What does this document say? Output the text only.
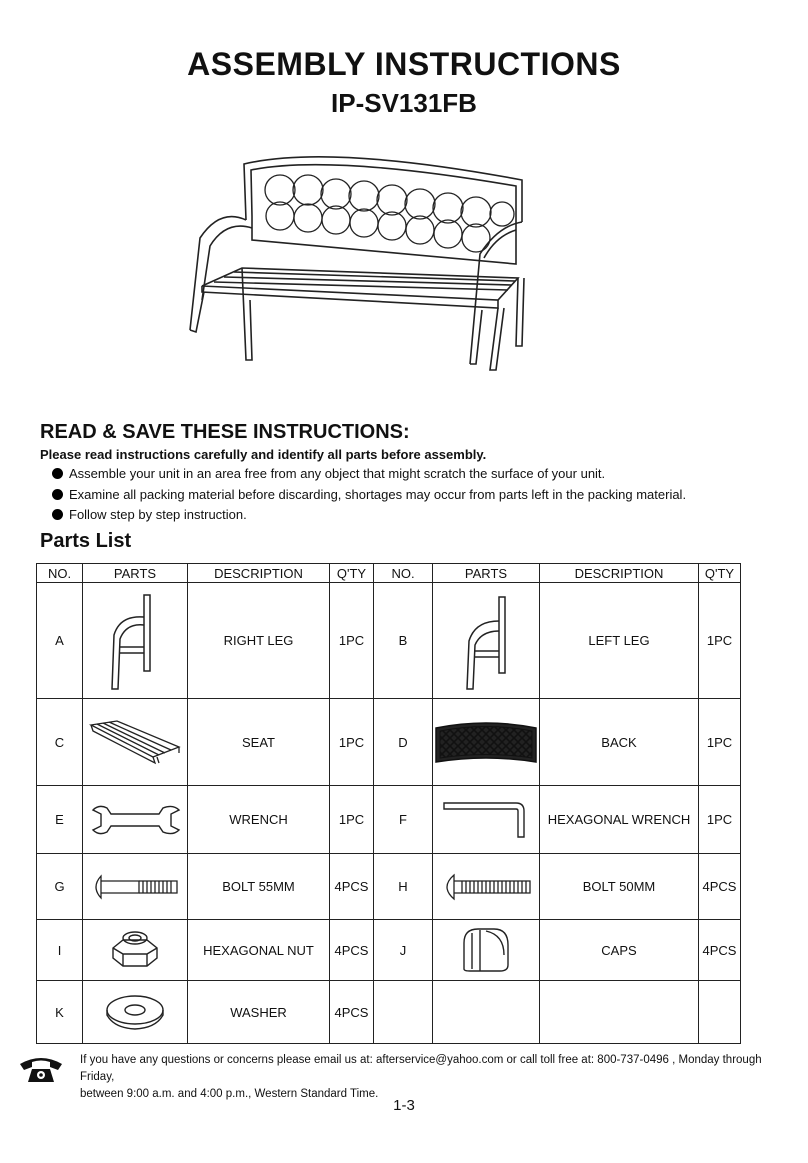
ASSEMBLY INSTRUCTIONS
IP-SV131FB
READ & SAVE THESE INSTRUCTIONS:
Please read instructions carefully and identify all parts before assembly.
Assemble your unit in an area free from any object that might scratch the surface of your unit.
Examine all packing material before discarding, shortages may occur from parts left in the packing material.
Follow step by step instruction.
Parts List
NO.	PARTS	DESCRIPTION	Q'TY	NO.	PARTS	DESCRIPTION	Q'TY
A		RIGHT LEG	1PC	B		LEFT LEG	1PC
C		SEAT	1PC	D		BACK	1PC
E		WRENCH	1PC	F		HEXAGONAL WRENCH	1PC
G		BOLT 55MM	4PCS	H		BOLT 50MM	4PCS
I		HEXAGONAL NUT	4PCS	J		CAPS	4PCS
K		WASHER	4PCS				
If you have any questions or concerns please email us at: afterservice@yahoo.com or call toll free at: 800-737-0496 , Monday through Friday,
between 9:00 a.m. and 4:00 p.m., Western Standard Time.
1-3
